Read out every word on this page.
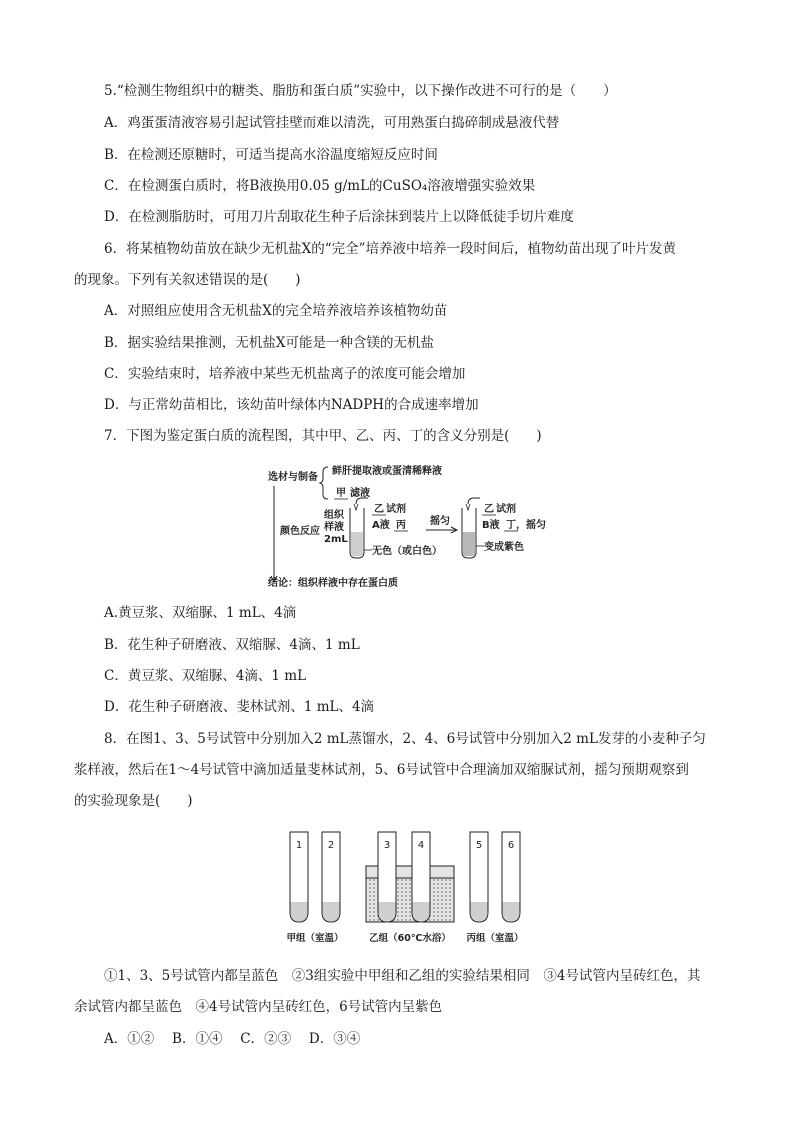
5.“检测生物组织中的糖类、脂肪和蛋白质”实验中，以下操作改进不可行的是（　　）
A．鸡蛋蛋清液容易引起试管挂壁而难以清洗，可用熟蛋白捣碎制成悬液代替
B．在检测还原糖时，可适当提高水浴温度缩短反应时间
C．在检测蛋白质时，将B液换用0.05 g/mL的CuSO₄溶液增强实验效果
D．在检测脂肪时，可用刀片刮取花生种子后涂抹到装片上以降低徒手切片难度
6．将某植物幼苗放在缺少无机盐X的“完全”培养液中培养一段时间后，植物幼苗出现了叶片发黄
的现象。下列有关叙述错误的是(　　)
A．对照组应使用含无机盐X的完全培养液培养该植物幼苗
B．据实验结果推测，无机盐X可能是一种含镁的无机盐
C．实验结束时，培养液中某些无机盐离子的浓度可能会增加
D．与正常幼苗相比，该幼苗叶绿体内NADPH的合成速率增加
7．下图为鉴定蛋白质的流程图，其中甲、乙、丙、丁的含义分别是(　　)
选材与制备
鲜肝提取液或蛋清稀释液
甲 滤液
颜色反应
组织
样液
2mL
乙 试剂
A液 丙
无色（或白色）
摇匀
乙 试剂
B液 丁 ，摇匀
变成紫色
结论：组织样液中存在蛋白质
A.黄豆浆、双缩脲、1 mL、4滴
B．花生种子研磨液、双缩脲、4滴、1 mL
C．黄豆浆、双缩脲、4滴、1 mL
D．花生种子研磨液、斐林试剂、1 mL、4滴
8．在图1、3、5号试管中分别加入2 mL蒸馏水，2、4、6号试管中分别加入2 mL发芽的小麦种子匀
浆样液，然后在1～4号试管中滴加适量斐林试剂，5、6号试管中合理滴加双缩脲试剂，摇匀预期观察到
的实验现象是(　　)
1	2	3	4	5	6
甲组（室温）	乙组（60℃水浴） 丙组（室温）
①1、3、5号试管内都呈蓝色　②3组实验中甲组和乙组的实验结果相同　③4号试管内呈砖红色，其
余试管内都呈蓝色　④4号试管内呈砖红色，6号试管内呈紫色
A．①②　 B．①④　 C．②③　 D．③④
